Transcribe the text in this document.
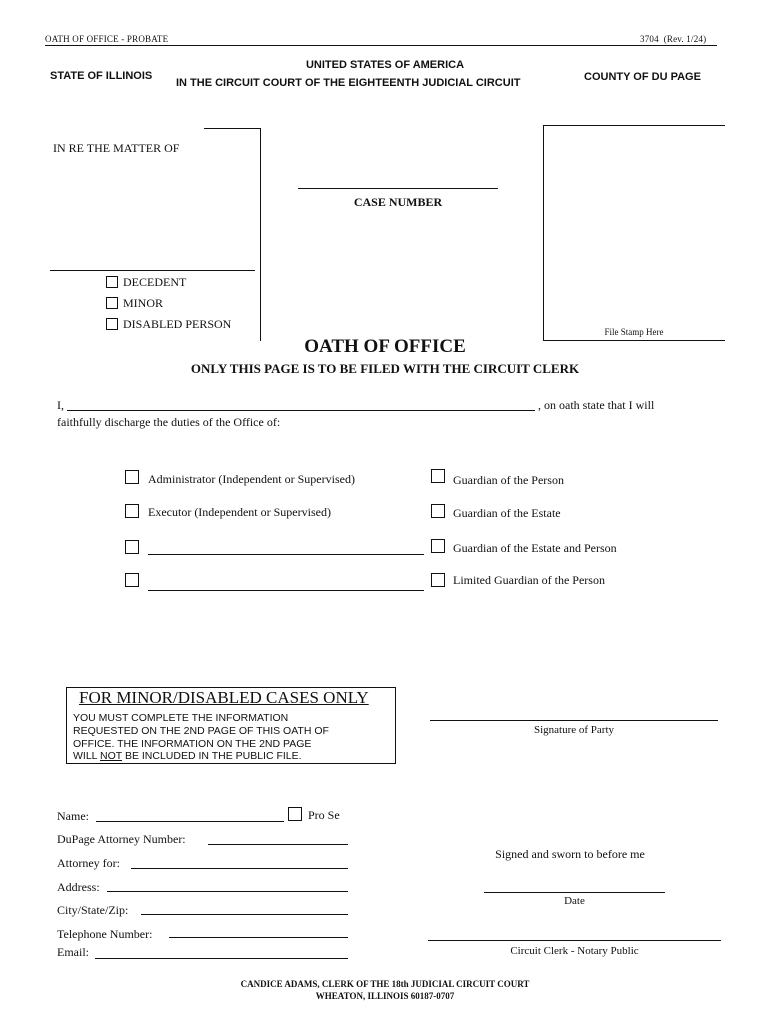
OATH OF OFFICE - PROBATE	3704  (Rev. 1/24)
UNITED STATES OF AMERICA
STATE OF ILLINOIS
IN THE CIRCUIT COURT OF THE EIGHTEENTH JUDICIAL CIRCUIT	COUNTY OF DU PAGE
IN RE THE MATTER OF
DECEDENT
MINOR
DISABLED PERSON
CASE NUMBER
File Stamp Here
OATH OF OFFICE
ONLY THIS PAGE IS TO BE FILED WITH THE CIRCUIT CLERK
I,	, on oath state that I will
faithfully discharge the duties of the Office of:
Administrator (Independent or Supervised)
Executor (Independent or Supervised)
Guardian of the Person
Guardian of the Estate
Guardian of the Estate and Person
Limited Guardian of the Person
FOR MINOR/DISABLED CASES ONLY
YOU MUST COMPLETE THE INFORMATION
REQUESTED ON THE 2ND PAGE OF THIS OATH OF
OFFICE. THE INFORMATION ON THE 2ND PAGE
WILL NOT BE INCLUDED IN THE PUBLIC FILE.
Signature of Party
Name:	Pro Se
DuPage Attorney Number:
Attorney for:
Address:
City/State/Zip:
Telephone Number:
Email:
Signed and sworn to before me
Date
Circuit Clerk - Notary Public
CANDICE ADAMS, CLERK OF THE 18th JUDICIAL CIRCUIT COURT
WHEATON, ILLINOIS 60187-0707
